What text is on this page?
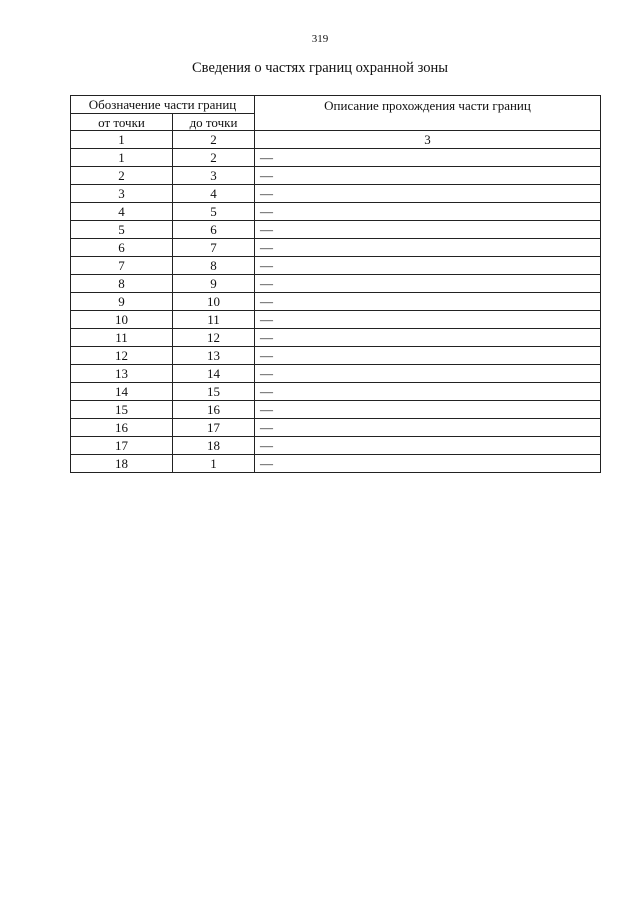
319
Сведения о частях границ охранной зоны
Обозначение части границ		Описание прохождения части границ
от точки	до точки	
1	2	3
1	2	—
2	3	—
3	4	—
4	5	—
5	6	—
6	7	—
7	8	—
8	9	—
9	10	—
10	11	—
11	12	—
12	13	—
13	14	—
14	15	—
15	16	—
16	17	—
17	18	—
18	1	—
